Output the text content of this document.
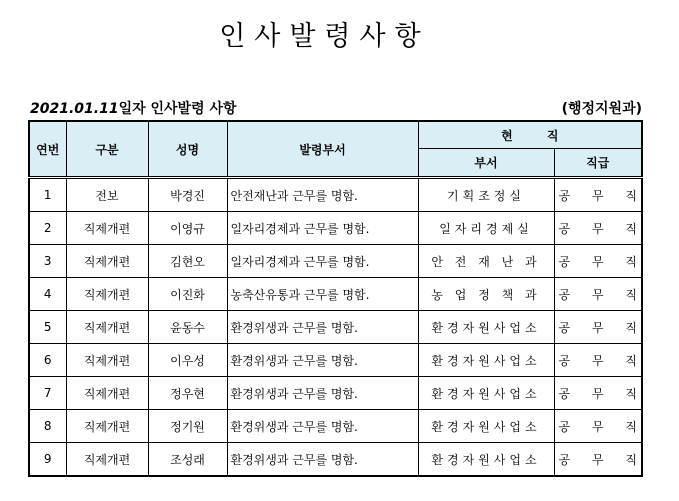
인 사 발 령 사 항
2021.01.11일자 인사발령 사항	(행정지원과)
연번	구분	성명	발령부서	현 직	
				부서	직급
1	전보	박경진	안전재난과 근무를 명함.	기획조정실	공 무 직
2	직제개편	이영규	일자리경제과 근무를 명함.	일자리경제실	공 무 직
3	직제개편	김현오	일자리경제과 근무를 명함.	안 전 재 난 과	공 무 직
4	직제개편	이진화	농축산유통과 근무를 명함.	농 업 정 책 과	공 무 직
5	직제개편	윤동수	환경위생과 근무를 명함.	환경자원사업소	공 무 직
6	직제개편	이우성	환경위생과 근무를 명함.	환경자원사업소	공 무 직
7	직제개편	정우현	환경위생과 근무를 명함.	환경자원사업소	공 무 직
8	직제개편	정기원	환경위생과 근무를 명함.	환경자원사업소	공 무 직
9	직제개편	조성래	환경위생과 근무를 명함.	환경자원사업소	공 무 직
